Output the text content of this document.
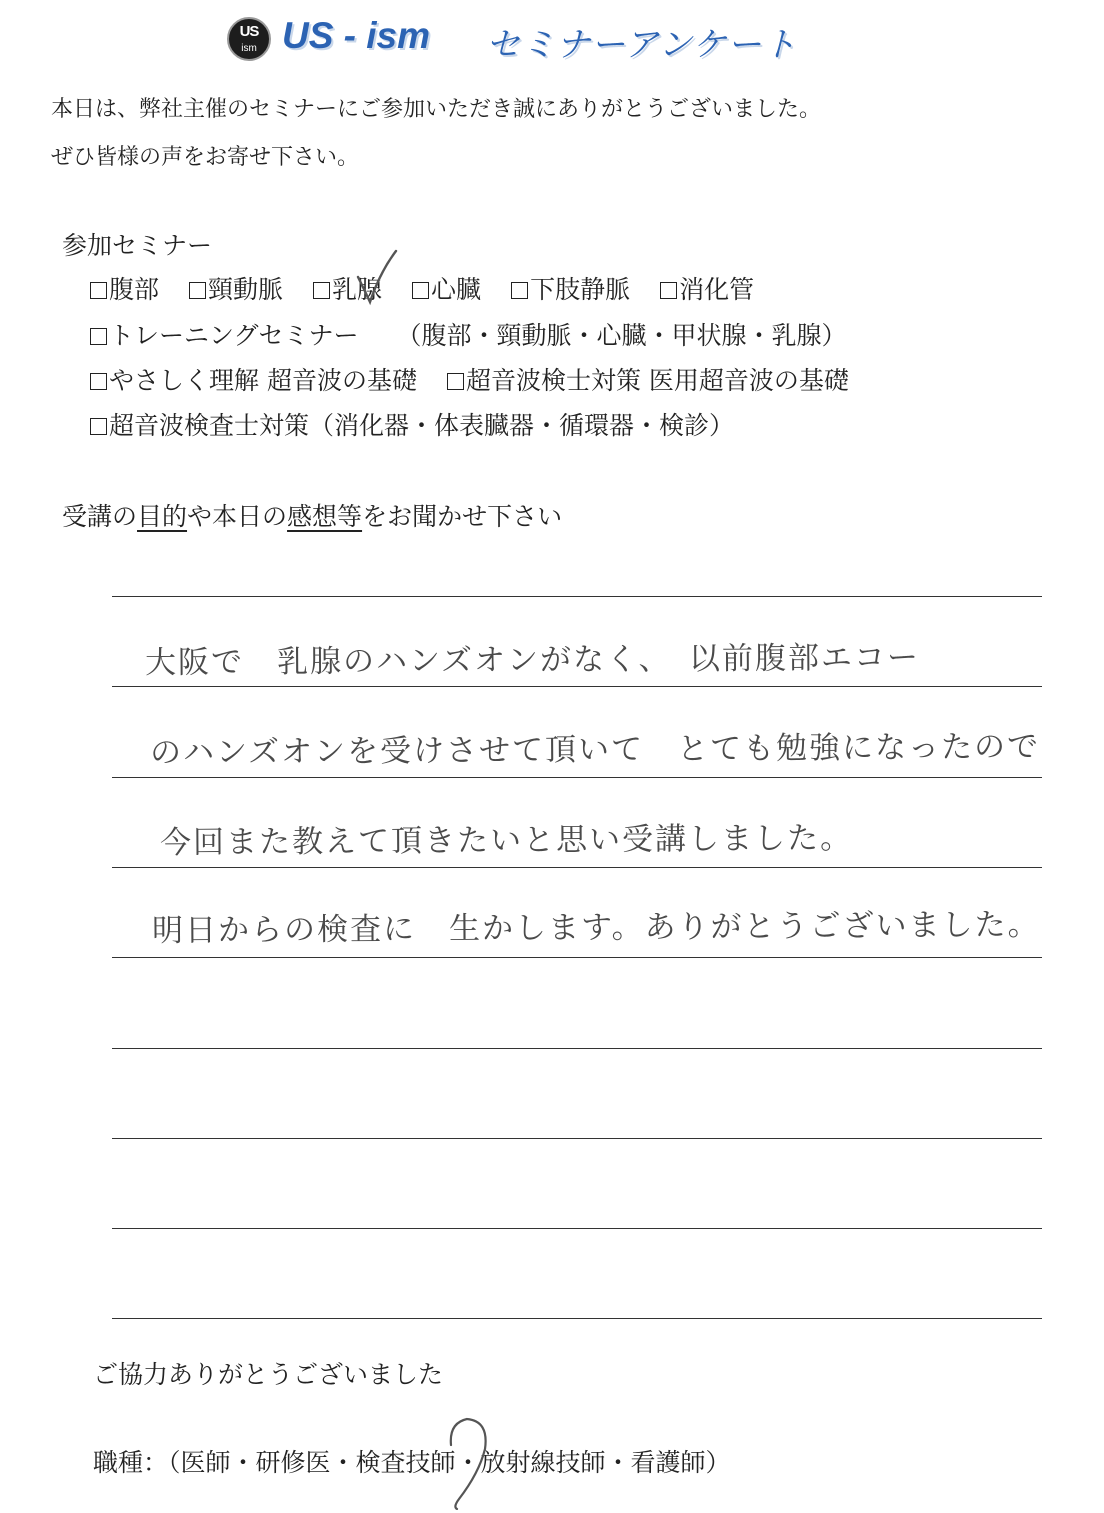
US
ism US - ism セミナーアンケート
本日は、弊社主催のセミナーにご参加いただき誠にありがとうございました。
ぜひ皆様の声をお寄せ下さい。
参加セミナー
腹部	頸動脈	乳腺	心臓	下肢静脈	消化管
トレーニングセミナー （腹部・頸動脈・心臓・甲状腺・乳腺）
やさしく理解 超音波の基礎	超音波検士対策 医用超音波の基礎
超音波検査士対策（消化器・体表臓器・循環器・検診）
受講の目的や本日の感想等をお聞かせ下さい
大阪で　乳腺のハンズオンがなく、　以前腹部エコー
のハンズオンを受けさせて頂いて　とても勉強になったので
今回また教えて頂きたいと思い受講しました。
明日からの検査に　生かします。ありがとうございました。
ご協力ありがとうございました
職種：（医師・研修医・検査技師・放射線技師・看護師）
